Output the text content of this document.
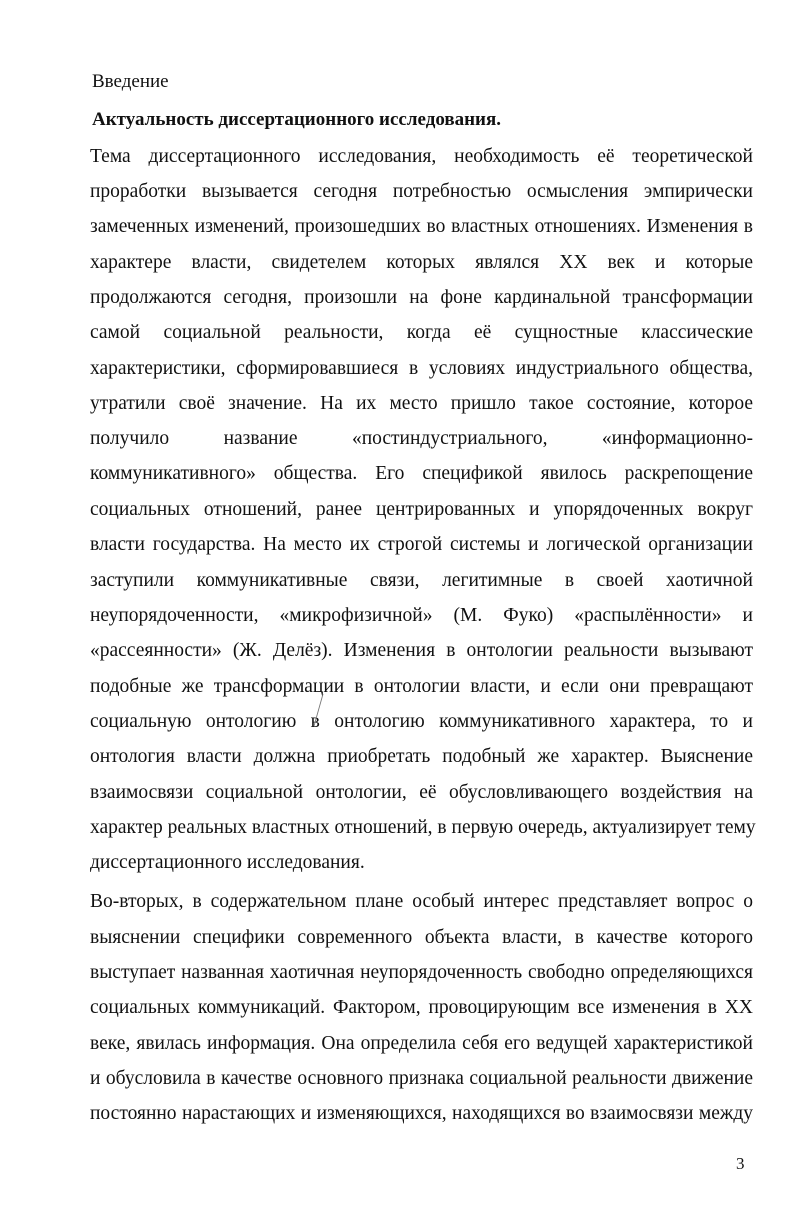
Введение
Актуальность диссертационного исследования.
Тема диссертационного исследования, необходимость её теоретической
проработки вызывается сегодня потребностью осмысления эмпирически
замеченных изменений, произошедших во властных отношениях. Изменения в
характере власти, свидетелем которых являлся XX век и которые
продолжаются сегодня, произошли на фоне кардинальной трансформации
самой социальной реальности, когда её сущностные классические
характеристики, сформировавшиеся в условиях индустриального общества,
утратили своё значение. На их место пришло такое состояние, которое
получило название «постиндустриального, «информационно-
коммуникативного» общества. Его спецификой явилось раскрепощение
социальных отношений, ранее центрированных и упорядоченных вокруг
власти государства. На место их строгой системы и логической организации
заступили коммуникативные связи, легитимные в своей хаотичной
неупорядоченности, «микрофизичной» (М. Фуко) «распылённости» и
«рассеянности» (Ж. Делёз). Изменения в онтологии реальности вызывают
подобные же трансформации в онтологии власти, и если они превращают
социальную онтологию в онтологию коммуникативного характера, то и
онтология власти должна приобретать подобный же характер. Выяснение
взаимосвязи социальной онтологии, её обусловливающего воздействия на
характер реальных властных отношений, в первую очередь, актуализирует тему
диссертационного исследования.
Во-вторых, в содержательном плане особый интерес представляет вопрос о
выяснении специфики современного объекта власти, в качестве которого
выступает названная хаотичная неупорядоченность свободно определяющихся
социальных коммуникаций. Фактором, провоцирующим все изменения в XX
веке, явилась информация. Она определила себя его ведущей характеристикой
и обусловила в качестве основного признака социальной реальности движение
постоянно нарастающих и изменяющихся, находящихся во взаимосвязи между
3
